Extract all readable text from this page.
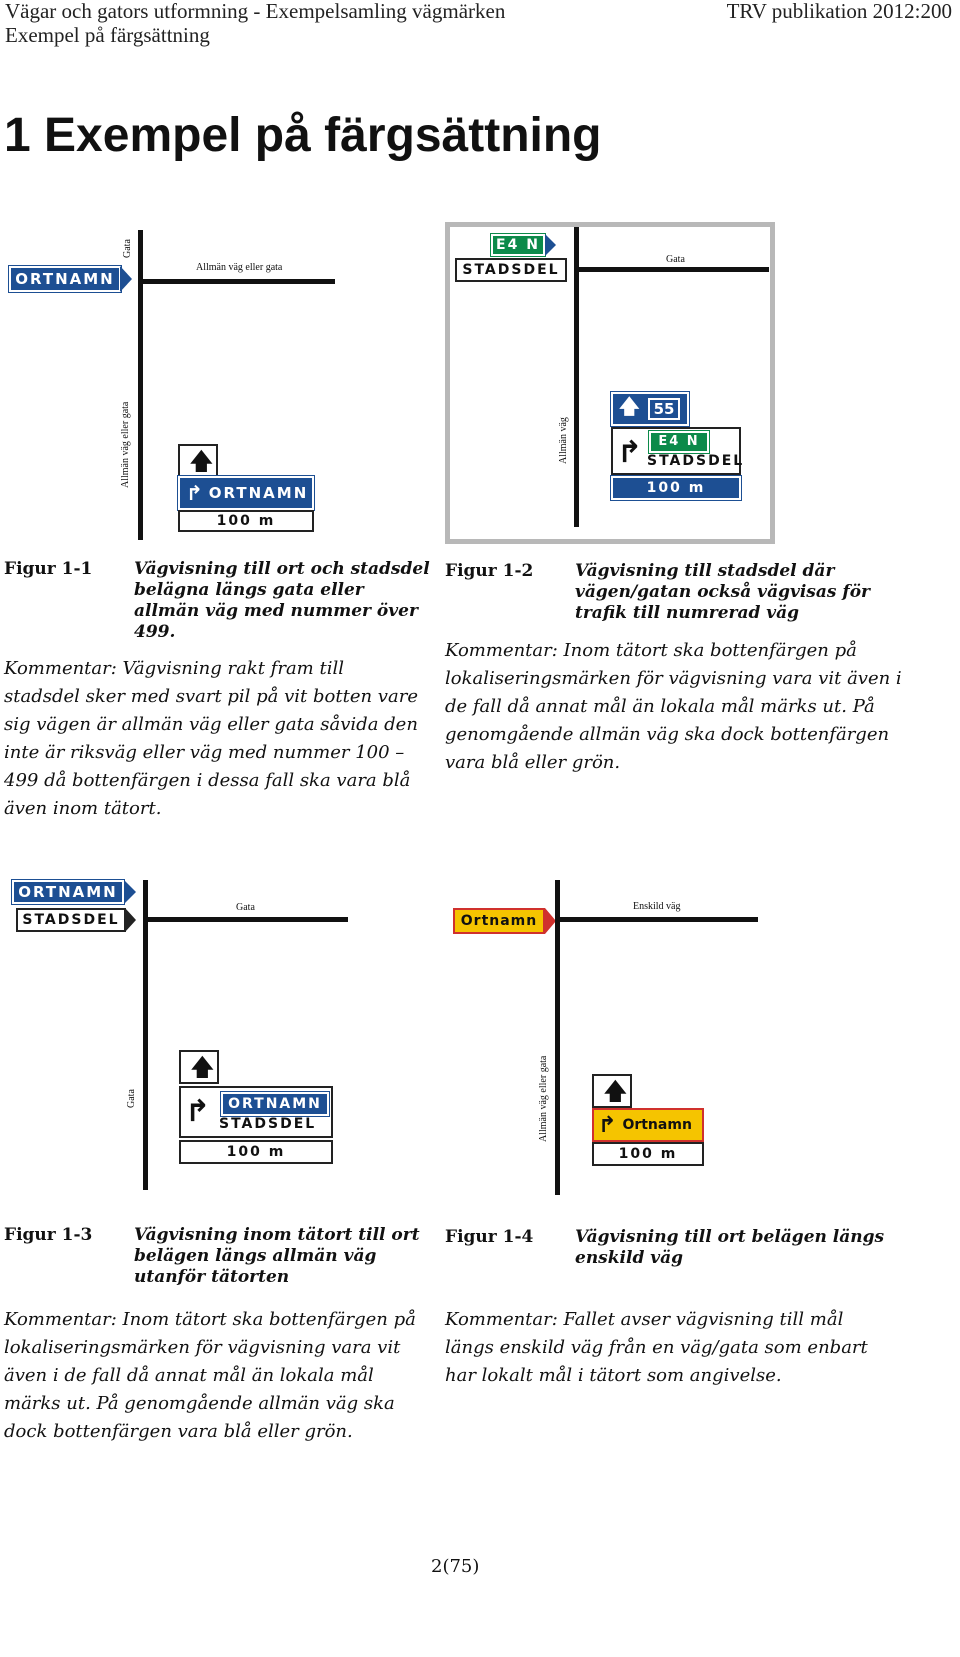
Vägar och gators utformning - Exempelsamling vägmärken
Exempel på färgsättning
TRV publikation 2012:200
1 Exempel på färgsättning
ORTNAMN
Gata
Allmän väg eller gata
Allmän väg eller gata 🡅
↱ ORTNAMN
100 m
E4 N
STADSDEL
Gata
Allmän väg
🡅 55
↱	E4 N
STADSDEL
100 m
Figur 1-1 Vägvisning till ort och stadsdel belägna längs gata eller allmän väg med nummer över 499.
Kommentar: Vägvisning rakt fram till stadsdel sker med svart pil på vit botten vare sig vägen är allmän väg eller gata såvida den inte är riksväg eller väg med nummer 100 – 499 då bottenfärgen i dessa fall ska vara blå även inom tätort.
Figur 1-2 Vägvisning till stadsdel där vägen/gatan också vägvisas för trafik till numrerad väg
Kommentar: Inom tätort ska bottenfärgen på lokaliseringsmärken för vägvisning vara vit även i de fall då annat mål än lokala mål märks ut. På genomgående allmän väg ska dock bottenfärgen vara blå eller grön.
ORTNAMN
STADSDEL
Gata
Gata
🡅
↱	ORTNAMN
STADSDEL
100 m
Ortnamn
Enskild väg
Allmän väg eller gata 🡅
↱ Ortnamn
100 m
Figur 1-3 Vägvisning inom tätort till ort belägen längs allmän väg utanför tätorten
Kommentar: Inom tätort ska bottenfärgen på lokaliseringsmärken för vägvisning vara vit även i de fall då annat mål än lokala mål märks ut. På genomgående allmän väg ska dock bottenfärgen vara blå eller grön.
Figur 1-4 Vägvisning till ort belägen längs enskild väg
Kommentar: Fallet avser vägvisning till mål längs enskild väg från en väg/gata som enbart har lokalt mål i tätort som angivelse.
2(75)
